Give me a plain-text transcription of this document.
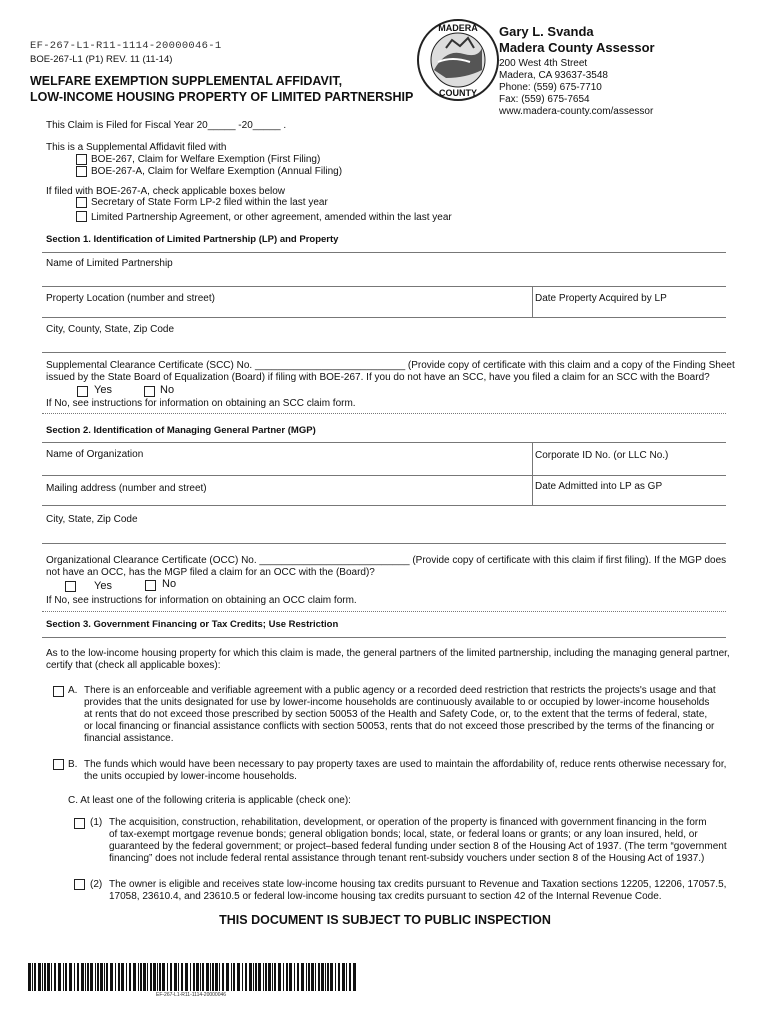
EF-267-L1-R11-1114-20000046-1
BOE-267-L1 (P1) REV. 11 (11-14)
WELFARE EXEMPTION SUPPLEMENTAL AFFIDAVIT,
LOW-INCOME HOUSING PROPERTY OF LIMITED PARTNERSHIP
MADERA
COUNTY
Gary L. Svanda
Madera County Assessor
200 West 4th Street
Madera, CA 93637-3548
Phone: (559) 675-7710
Fax: (559) 675-7654
www.madera-county.com/assessor
This Claim is Filed for Fiscal Year 20_____ -20_____ .
This is a Supplemental Affidavit filed with
BOE-267, Claim for Welfare Exemption (First Filing)
BOE-267-A, Claim for Welfare Exemption (Annual Filing)
If filed with BOE-267-A, check applicable boxes below
Secretary of State Form LP-2 filed within the last year
Limited Partnership Agreement, or other agreement, amended within the last year
Section 1. Identification of Limited Partnership (LP) and Property
Name of Limited Partnership
Property Location (number and street)	Date Property Acquired by LP
City, County, State, Zip Code
Supplemental Clearance Certificate (SCC) No. ___________________________ (Provide copy of certificate with this claim and a copy of the Finding Sheet
issued by the State Board of Equalization (Board) if filing with BOE-267. If you do not have an SCC, have you filed a claim for an SCC with the Board?
Yes	No
If No, see instructions for information on obtaining an SCC claim form.
Section 2. Identification of Managing General Partner (MGP)
Name of Organization	Corporate ID No. (or LLC No.)
Mailing address (number and street)	Date Admitted into LP as GP
City, State, Zip Code
Organizational Clearance Certificate (OCC) No. ___________________________ (Provide copy of certificate with this claim if first filing). If the MGP does
not have an OCC, has the MGP filed a claim for an OCC with the (Board)?
Yes	No
If No, see instructions for information on obtaining an OCC claim form.
Section 3. Government Financing or Tax Credits; Use Restriction
As to the low-income housing property for which this claim is made, the general partners of the limited partnership, including the managing general partner,
certify that (check all applicable boxes):
A. There is an enforceable and verifiable agreement with a public agency or a recorded deed restriction that restricts the projects's usage and that
provides that the units designated for use by lower-income households are continuously available to or occupied by lower-income households
at rents that do not exceed those prescribed by section 50053 of the Health and Safety Code, or, to the extent that the terms of federal, state,
or local financing or financial assistance conflicts with section 50053, rents that do not exceed those prescribed by the terms of the financing or
financial assistance.
B. The funds which would have been necessary to pay property taxes are used to maintain the affordability of, reduce rents otherwise necessary for,
the units occupied by lower-income households.
C. At least one of the following criteria is applicable (check one):
(1) The acquisition, construction, rehabilitation, development, or operation of the property is financed with government financing in the form
of tax-exempt mortgage revenue bonds; general obligation bonds; local, state, or federal loans or grants; or any loan insured, held, or
guaranteed by the federal government; or project–based federal funding under section 8 of the Housing Act of 1937. (The term “government
financing” does not include federal rental assistance through tenant rent-subsidy vouchers under section 8 of the Housing Act of 1937.)
(2) The owner is eligible and receives state low-income housing tax credits pursuant to Revenue and Taxation sections 12205, 12206, 17057.5,
17058, 23610.4, and 23610.5 or federal low-income housing tax credits pursuant to section 42 of the Internal Revenue Code.
THIS DOCUMENT IS SUBJECT TO PUBLIC INSPECTION
EF-267-L1-R11-1114-20000046
